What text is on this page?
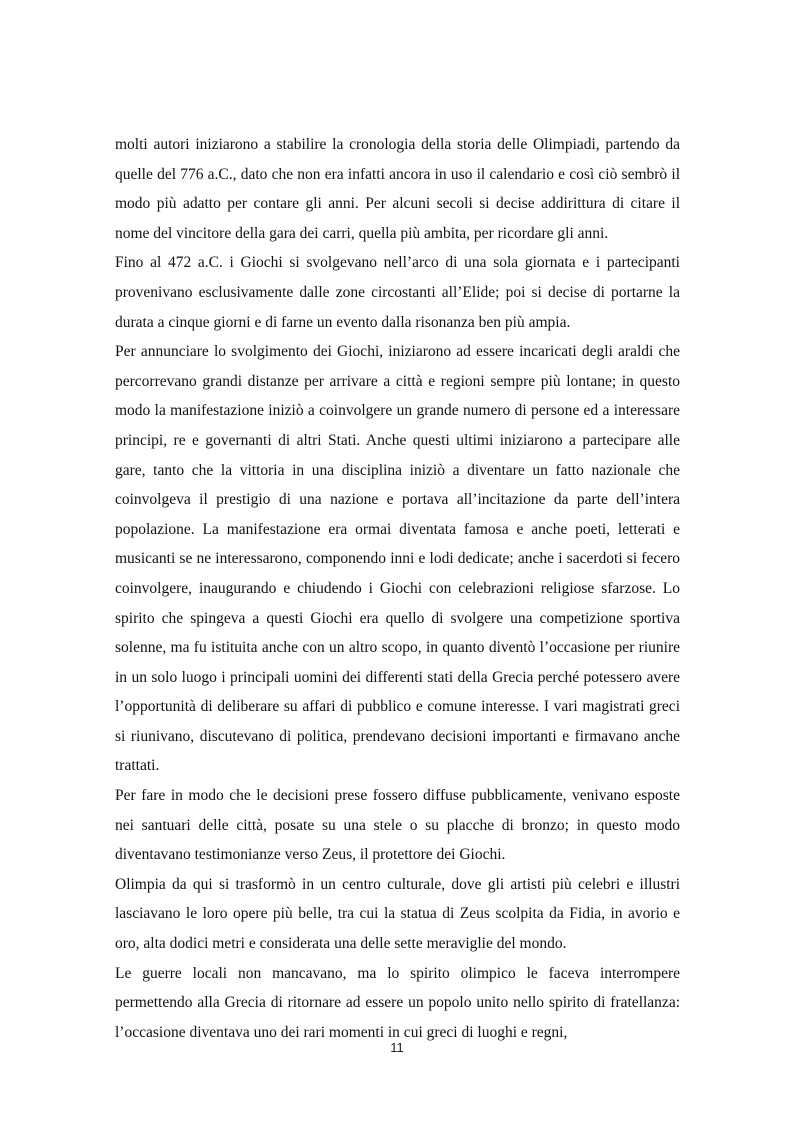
molti autori iniziarono a stabilire la cronologia della storia delle Olimpiadi, partendo da quelle del 776 a.C., dato che non era infatti ancora in uso il calendario e così ciò sembrò il modo più adatto per contare gli anni. Per alcuni secoli si decise addirittura di citare il nome del vincitore della gara dei carri, quella più ambita, per ricordare gli anni.

Fino al 472 a.C. i Giochi si svolgevano nell’arco di una sola giornata e i partecipanti provenivano esclusivamente dalle zone circostanti all’Elide; poi si decise di portarne la durata a cinque giorni e di farne un evento dalla risonanza ben più ampia.

Per annunciare lo svolgimento dei Giochi, iniziarono ad essere incaricati degli araldi che percorrevano grandi distanze per arrivare a città e regioni sempre più lontane; in questo modo la manifestazione iniziò a coinvolgere un grande numero di persone ed a interessare principi, re e governanti di altri Stati. Anche questi ultimi iniziarono a partecipare alle gare, tanto che la vittoria in una disciplina iniziò a diventare un fatto nazionale che coinvolgeva il prestigio di una nazione e portava all’incitazione da parte dell’intera popolazione. La manifestazione era ormai diventata famosa e anche poeti, letterati e musicanti se ne interessarono, componendo inni e lodi dedicate; anche i sacerdoti si fecero coinvolgere, inaugurando e chiudendo i Giochi con celebrazioni religiose sfarzose. Lo spirito che spingeva a questi Giochi era quello di svolgere una competizione sportiva solenne, ma fu istituita anche con un altro scopo, in quanto diventò l’occasione per riunire in un solo luogo i principali uomini dei differenti stati della Grecia perché potessero avere l’opportunità di deliberare su affari di pubblico e comune interesse. I vari magistrati greci si riunivano, discutevano di politica, prendevano decisioni importanti e firmavano anche trattati.

Per fare in modo che le decisioni prese fossero diffuse pubblicamente, venivano esposte nei santuari delle città, posate su una stele o su placche di bronzo; in questo modo diventavano testimonianze verso Zeus, il protettore dei Giochi.

Olimpia da qui si trasformò in un centro culturale, dove gli artisti più celebri e illustri lasciavano le loro opere più belle, tra cui la statua di Zeus scolpita da Fidia, in avorio e oro, alta dodici metri e considerata una delle sette meraviglie del mondo.

Le guerre locali non mancavano, ma lo spirito olimpico le faceva interrompere permettendo alla Grecia di ritornare ad essere un popolo unito nello spirito di fratellanza: l’occasione diventava uno dei rari momenti in cui greci di luoghi e regni,

11
